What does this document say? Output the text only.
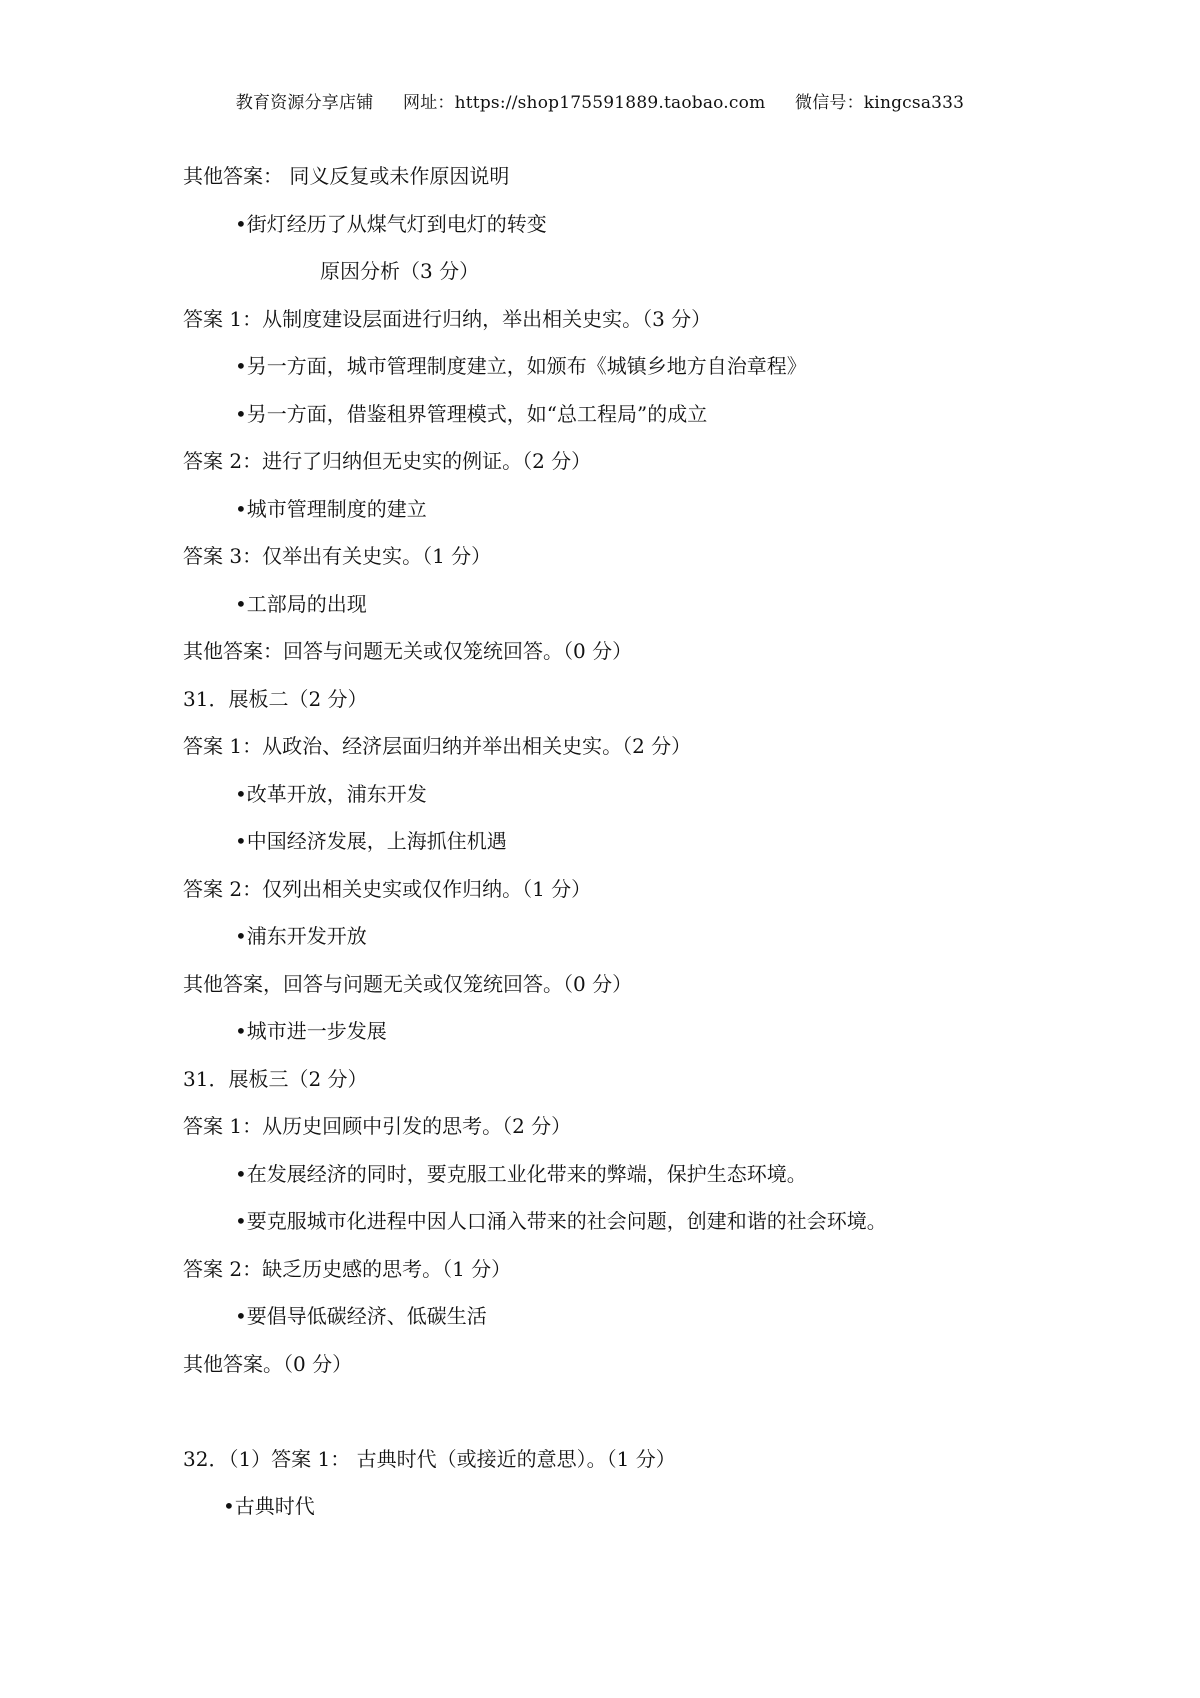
教育资源分享店铺 网址：https://shop175591889.taobao.com 微信号：kingcsa333
其他答案： 同义反复或未作原因说明
• 街灯经历了从煤气灯到电灯的转变
原因分析（3 分）
答案 1：从制度建设层面进行归纳，举出相关史实。（3 分）
• 另一方面，城市管理制度建立，如颁布《城镇乡地方自治章程》
• 另一方面，借鉴租界管理模式，如“总工程局”的成立
答案 2：进行了归纳但无史实的例证。（2 分）
• 城市管理制度的建立
答案 3：仅举出有关史实。（1 分）
• 工部局的出现
其他答案：回答与问题无关或仅笼统回答。（0 分）
31．展板二（2 分）
答案 1：从政治、经济层面归纳并举出相关史实。（2 分）
• 改革开放，浦东开发
• 中国经济发展，上海抓住机遇
答案 2：仅列出相关史实或仅作归纳。（1 分）
• 浦东开发开放
其他答案，回答与问题无关或仅笼统回答。（0 分）
• 城市进一步发展
31．展板三（2 分）
答案 1：从历史回顾中引发的思考。（2 分）
• 在发展经济的同时，要克服工业化带来的弊端，保护生态环境。
• 要克服城市化进程中因人口涌入带来的社会问题，创建和谐的社会环境。
答案 2：缺乏历史感的思考。（1 分）
• 要倡导低碳经济、低碳生活
其他答案。（0 分）
32．（1）答案 1： 古典时代（或接近的意思）。（1 分）
• 古典时代
